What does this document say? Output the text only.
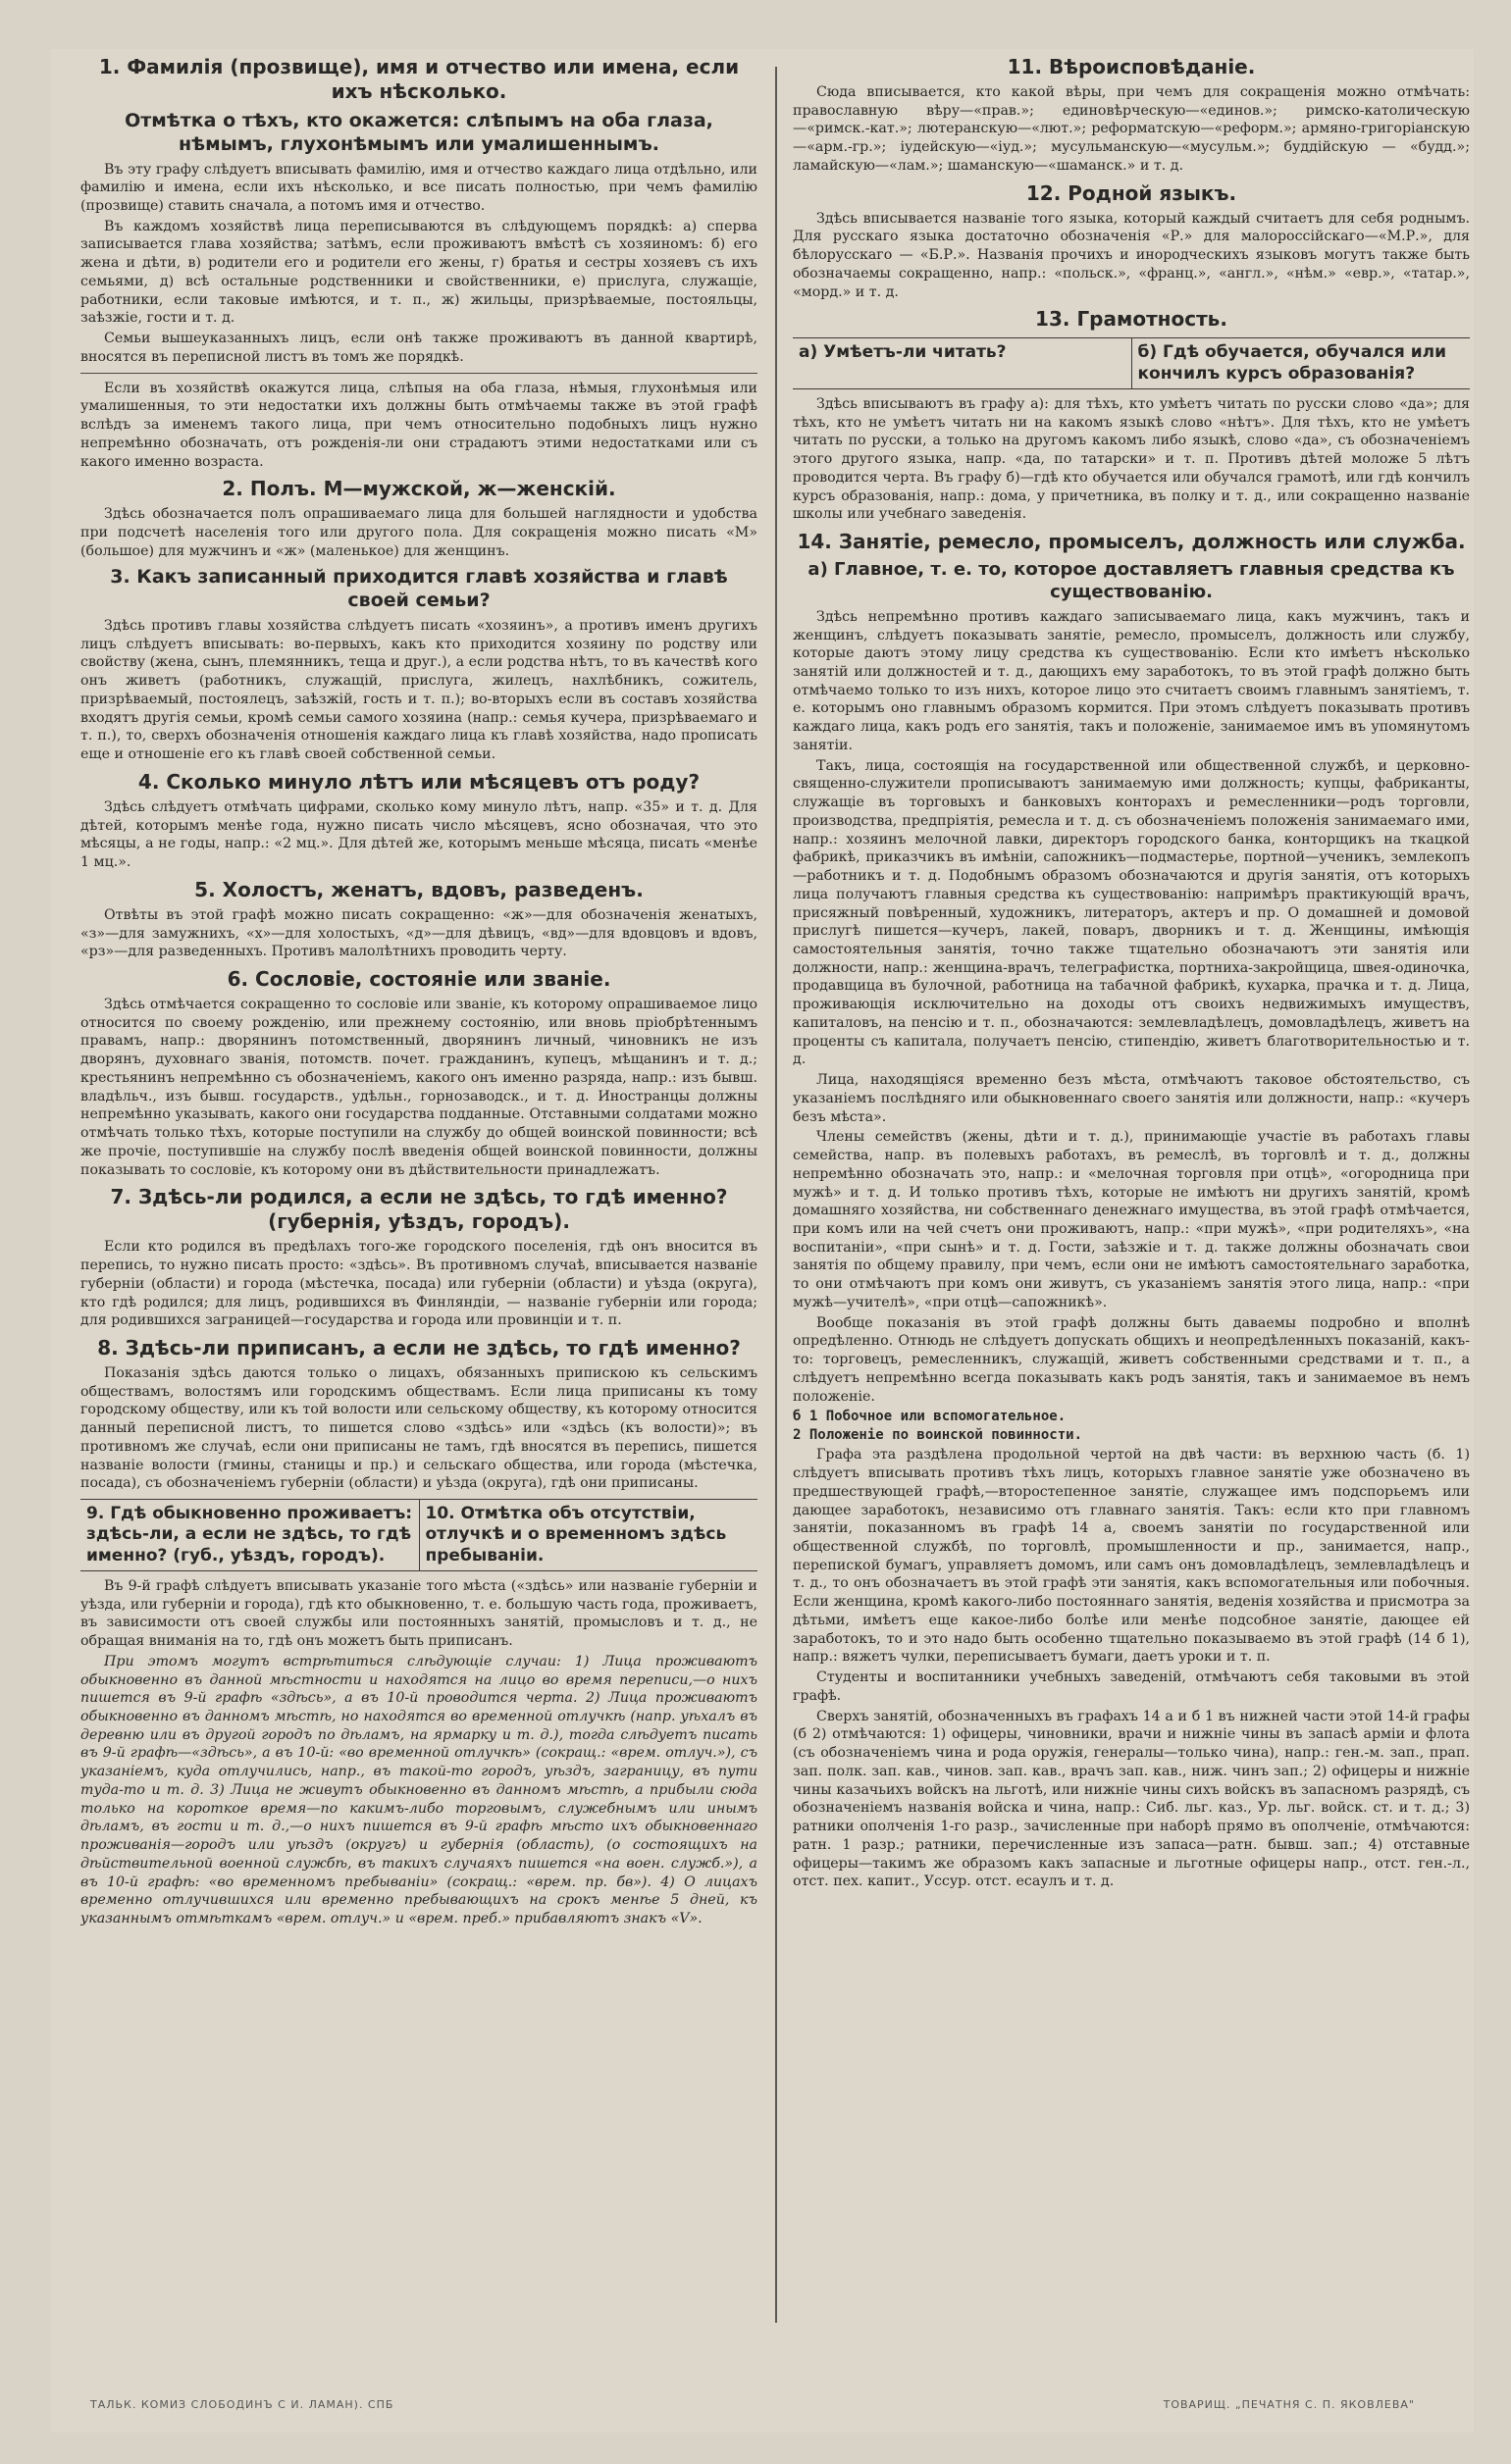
1. Фамилія (прозвище), имя и отчество или имена, если ихъ нѣсколько.
Отмѣтка о тѣхъ, кто окажется: слѣпымъ на оба глаза, нѣмымъ, глухонѣмымъ или умалишеннымъ.

Въ эту графу слѣдуетъ вписывать фамилію, имя и отчество каждаго лица отдѣльно, или фамилію и имена, если ихъ нѣсколько, и все писать полностью, при чемъ фамилію (прозвище) ставить сначала, а потомъ имя и отчество.

Въ каждомъ хозяйствѣ лица переписываются въ слѣдующемъ порядкѣ: а) сперва записывается глава хозяйства; затѣмъ, если проживаютъ вмѣстѣ съ хозяиномъ: б) его жена и дѣти, в) родители его и родители его жены, г) братья и сестры хозяевъ съ ихъ семьями, д) всѣ остальные родственники и свойственники, е) прислуга, служащіе, работники, если таковые имѣются, и т. п., ж) жильцы, призрѣваемые, постояльцы, заѣзжіе, гости и т. д.

Семьи вышеуказанныхъ лицъ, если онѣ также проживаютъ въ данной квартирѣ, вносятся въ переписной листъ въ томъ же порядкѣ.

Если въ хозяйствѣ окажутся лица, слѣпыя на оба глаза, нѣмыя, глухонѣмыя или умалишенныя, то эти недостатки ихъ должны быть отмѣчаемы также въ этой графѣ вслѣдъ за именемъ такого лица, при чемъ относительно подобныхъ лицъ нужно непремѣнно обозначать, отъ рожденія-ли они страдаютъ этими недостатками или съ какого именно возраста.

2. Полъ. М—мужской, ж—женскій.

Здѣсь обозначается полъ опрашиваемаго лица для большей наглядности и удобства при подсчетѣ населенія того или другого пола. Для сокращенія можно писать «М» (большое) для мужчинъ и «ж» (маленькое) для женщинъ.

3. Какъ записанный приходится главѣ хозяйства и главѣ своей семьи?

Здѣсь противъ главы хозяйства слѣдуетъ писать «хозяинъ», а противъ именъ другихъ лицъ слѣдуетъ вписывать: во-первыхъ, какъ кто приходится хозяину по родству или свойству (жена, сынъ, племянникъ, теща и друг.), а если родства нѣтъ, то въ качествѣ кого онъ живетъ (работникъ, служащій, прислуга, жилецъ, нахлѣбникъ, сожитель, призрѣваемый, постоялецъ, заѣзжій, гость и т. п.); во-вторыхъ если въ составъ хозяйства входятъ другія семьи, кромѣ семьи самого хозяина (напр.: семья кучера, призрѣваемаго и т. п.), то, сверхъ обозначенія отношенія каждаго лица къ главѣ хозяйства, надо прописать еще и отношеніе его къ главѣ своей собственной семьи.

4. Сколько минуло лѣтъ или мѣсяцевъ отъ роду?

Здѣсь слѣдуетъ отмѣчать цифрами, сколько кому минуло лѣтъ, напр. «35» и т. д. Для дѣтей, которымъ менѣе года, нужно писать число мѣсяцевъ, ясно обозначая, что это мѣсяцы, а не годы, напр.: «2 мц.». Для дѣтей же, которымъ меньше мѣсяца, писать «менѣе 1 мц.».

5. Холостъ, женатъ, вдовъ, разведенъ.

Отвѣты въ этой графѣ можно писать сокращенно: «ж»—для обозначенія женатыхъ, «з»—для замужнихъ, «х»—для холостыхъ, «д»—для дѣвицъ, «вд»—для вдовцовъ и вдовъ, «рз»—для разведенныхъ. Противъ малолѣтнихъ проводить черту.

6. Сословіе, состояніе или званіе.

Здѣсь отмѣчается сокращенно то сословіе или званіе, къ которому опрашиваемое лицо относится по своему рожденію, или прежнему состоянію, или вновь пріобрѣтеннымъ правамъ, напр.: дворянинъ потомственный, дворянинъ личный, чиновникъ не изъ дворянъ, духовнаго званія, потомств. почет. гражданинъ, купецъ, мѣщанинъ и т. д.; крестьянинъ непремѣнно съ обозначеніемъ, какого онъ именно разряда, напр.: изъ бывш. владѣльч., изъ бывш. государств., удѣльн., горнозаводск., и т. д. Иностранцы должны непремѣнно указывать, какого они государства подданные. Отставными солдатами можно отмѣчать только тѣхъ, которые поступили на службу до общей воинской повинности; всѣ же прочіе, поступившіе на службу послѣ введенія общей воинской повинности, должны показывать то сословіе, къ которому они въ дѣйствительности принадлежатъ.

7. Здѣсь-ли родился, а если не здѣсь, то гдѣ именно? (губернія, уѣздъ, городъ).

Если кто родился въ предѣлахъ того-же городского поселенія, гдѣ онъ вносится въ перепись, то нужно писать просто: «здѣсь». Въ противномъ случаѣ, вписывается названіе губерніи (области) и города (мѣстечка, посада) или губерніи (области) и уѣзда (округа), кто гдѣ родился; для лицъ, родившихся въ Финляндіи, — названіе губерніи или города; для родившихся заграницей—государства и города или провинціи и т. п.

8. Здѣсь-ли приписанъ, а если не здѣсь, то гдѣ именно?

Показанія здѣсь даются только о лицахъ, обязанныхъ припискою къ сельскимъ обществамъ, волостямъ или городскимъ обществамъ. Если лица приписаны къ тому городскому обществу, или къ той волости или сельскому обществу, къ которому относится данный переписной листъ, то пишется слово «здѣсь» или «здѣсь (къ волости)»; въ противномъ же случаѣ, если они приписаны не тамъ, гдѣ вносятся въ перепись, пишется названіе волости (гмины, станицы и пр.) и сельскаго общества, или города (мѣстечка, посада), съ обозначеніемъ губерніи (области) и уѣзда (округа), гдѣ они приписаны.

9. Гдѣ обыкновенно проживаетъ: здѣсь-ли, а если не здѣсь, то гдѣ именно? (губ., уѣздъ, городъ).
10. Отмѣтка объ отсутствіи, отлучкѣ и о временномъ здѣсь пребываніи.

Въ 9-й графѣ слѣдуетъ вписывать указаніе того мѣста («здѣсь» или названіе губерніи и уѣзда, или губерніи и города), гдѣ кто обыкновенно, т. е. большую часть года, проживаетъ, въ зависимости отъ своей службы или постоянныхъ занятій, промысловъ и т. д., не обращая вниманія на то, гдѣ онъ можетъ быть приписанъ.

При этомъ могутъ встрѣтиться слѣдующіе случаи: 1) Лица проживаютъ обыкновенно въ данной мѣстности и находятся на лицо во время переписи,—о нихъ пишется въ 9-й графѣ «здѣсь», а въ 10-й проводится черта. 2) Лица проживаютъ обыкновенно въ данномъ мѣстѣ, но находятся во временной отлучкѣ (напр. уѣхалъ въ деревню или въ другой городъ по дѣламъ, на ярмарку и т. д.), тогда слѣдуетъ писать въ 9-й графѣ—«здѣсь», а въ 10-й: «во временной отлучкѣ» (сокращ.: «врем. отлуч.»), съ указаніемъ, куда отлучились, напр., въ такой-то городъ, уѣздъ, заграницу, въ пути туда-то и т. д. 3) Лица не живутъ обыкновенно въ данномъ мѣстѣ, а прибыли сюда только на короткое время—по какимъ-либо торговымъ, служебнымъ или инымъ дѣламъ, въ гости и т. д.,—о нихъ пишется въ 9-й графѣ мѣсто ихъ обыкновеннаго проживанія—городъ или уѣздъ (округъ) и губернія (область), (о состоящихъ на дѣйствительной военной службѣ, въ такихъ случаяхъ пишется «на воен. служб.»), а въ 10-й графѣ: «во временномъ пребываніи» (сокращ.: «врем. пр. бв»). 4) О лицахъ временно отлучившихся или временно пребывающихъ на срокъ менѣе 5 дней, къ указаннымъ отмѣткамъ «врем. отлуч.» и «врем. преб.» прибавляютъ знакъ «V».

11. Вѣроисповѣданіе.

Сюда вписывается, кто какой вѣры, при чемъ для сокращенія можно отмѣчать: православную вѣру—«прав.»; единовѣрческую—«единов.»; римско-католическую—«римск.-кат.»; лютеранскую—«лют.»; реформатскую—«реформ.»; армяно-григоріанскую—«арм.-гр.»; іудейскую—«іуд.»; мусульманскую—«мусульм.»; буддійскую — «будд.»; ламайскую—«лам.»; шаманскую—«шаманск.» и т. д.

12. Родной языкъ.

Здѣсь вписывается названіе того языка, который каждый считаетъ для себя роднымъ. Для русскаго языка достаточно обозначенія «Р.» для малороссійскаго—«М.Р.», для бѣлорусскаго — «Б.Р.». Названія прочихъ и инородческихъ языковъ могутъ также быть обозначаемы сокращенно, напр.: «польск.», «франц.», «англ.», «нѣм.» «евр.», «татар.», «морд.» и т. д.

13. Грамотность.
а) Умѣетъ-ли читать?	б) Гдѣ обучается, обучался или кончилъ курсъ образованія?

Здѣсь вписываютъ въ графу а): для тѣхъ, кто умѣетъ читать по русски слово «да»; для тѣхъ, кто не умѣетъ читать ни на какомъ языкѣ слово «нѣтъ». Для тѣхъ, кто не умѣетъ читать по русски, а только на другомъ какомъ либо языкѣ, слово «да», съ обозначеніемъ этого другого языка, напр. «да, по татарски» и т. п. Противъ дѣтей моложе 5 лѣтъ проводится черта. Въ графу б)—гдѣ кто обучается или обучался грамотѣ, или гдѣ кончилъ курсъ образованія, напр.: дома, у причетника, въ полку и т. д., или сокращенно названіе школы или учебнаго заведенія.

14. Занятіе, ремесло, промыселъ, должность или служба.
а) Главное, т. е. то, которое доставляетъ главныя средства къ существованію.

Здѣсь непремѣнно противъ каждаго записываемаго лица, какъ мужчинъ, такъ и женщинъ, слѣдуетъ показывать занятіе, ремесло, промыселъ, должность или службу, которые даютъ этому лицу средства къ существованію. Если кто имѣетъ нѣсколько занятій или должностей и т. д., дающихъ ему заработокъ, то въ этой графѣ должно быть отмѣчаемо только то изъ нихъ, которое лицо это считаетъ своимъ главнымъ занятіемъ, т. е. которымъ оно главнымъ образомъ кормится. При этомъ слѣдуетъ показывать противъ каждаго лица, какъ родъ его занятія, такъ и положеніе, занимаемое имъ въ упомянутомъ занятіи.

Такъ, лица, состоящія на государственной или общественной службѣ, и церковно-священно-служители прописываютъ занимаемую ими должность; купцы, фабриканты, служащіе въ торговыхъ и банковыхъ конторахъ и ремесленники—родъ торговли, производства, предпріятія, ремесла и т. д. съ обозначеніемъ положенія занимаемаго ими, напр.: хозяинъ мелочной лавки, директоръ городского банка, конторщикъ на ткацкой фабрикѣ, приказчикъ въ имѣніи, сапожникъ—подмастерье, портной—ученикъ, землекопъ—работникъ и т. д. Подобнымъ образомъ обозначаются и другія занятія, отъ которыхъ лица получаютъ главныя средства къ существованію: напримѣръ практикующій врачъ, присяжный повѣренный, художникъ, литераторъ, актеръ и пр. О домашней и домовой прислугѣ пишется—кучеръ, лакей, поваръ, дворникъ и т. д. Женщины, имѣющія самостоятельныя занятія, точно также тщательно обозначаютъ эти занятія или должности, напр.: женщина-врачъ, телеграфистка, портниха-закройщица, швея-одиночка, продавщица въ булочной, работница на табачной фабрикѣ, кухарка, прачка и т. д. Лица, проживающія исключительно на доходы отъ своихъ недвижимыхъ имуществъ, капиталовъ, на пенсію и т. п., обозначаются: землевладѣлецъ, домовладѣлецъ, живетъ на проценты съ капитала, получаетъ пенсію, стипендію, живетъ благотворительностью и т. д.

Лица, находящіяся временно безъ мѣста, отмѣчаютъ таковое обстоятельство, съ указаніемъ послѣдняго или обыкновеннаго своего занятія или должности, напр.: «кучеръ безъ мѣста».

Члены семействъ (жены, дѣти и т. д.), принимающіе участіе въ работахъ главы семейства, напр. въ полевыхъ работахъ, въ ремеслѣ, въ торговлѣ и т. д., должны непремѣнно обозначать это, напр.: и «мелочная торговля при отцѣ», «огородница при мужѣ» и т. д. И только противъ тѣхъ, которые не имѣютъ ни другихъ занятій, кромѣ домашняго хозяйства, ни собственнаго денежнаго имущества, въ этой графѣ отмѣчается, при комъ или на чей счетъ они проживаютъ, напр.: «при мужѣ», «при родителяхъ», «на воспитаніи», «при сынѣ» и т. д. Гости, заѣзжіе и т. д. также должны обозначать свои занятія по общему правилу, при чемъ, если они не имѣютъ самостоятельнаго заработка, то они отмѣчаютъ при комъ они живутъ, съ указаніемъ занятія этого лица, напр.: «при мужѣ—учителѣ», «при отцѣ—сапожникѣ».

Вообще показанія въ этой графѣ должны быть даваемы подробно и вполнѣ опредѣленно. Отнюдь не слѣдуетъ допускать общихъ и неопредѣленныхъ показаній, какъ-то: торговецъ, ремесленникъ, служащій, живетъ собственными средствами и т. п., а слѣдуетъ непремѣнно всегда показывать какъ родъ занятія, такъ и занимаемое въ немъ положеніе.

б 1 Побочное или вспомогательное.
2 Положеніе по воинской повинности.

Графа эта раздѣлена продольной чертой на двѣ части: въ верхнюю часть (б. 1) слѣдуетъ вписывать противъ тѣхъ лицъ, которыхъ главное занятіе уже обозначено въ предшествующей графѣ,—второстепенное занятіе, служащее имъ подспорьемъ или дающее заработокъ, независимо отъ главнаго занятія. Такъ: если кто при главномъ занятіи, показанномъ въ графѣ 14 а, своемъ занятіи по государственной или общественной службѣ, по торговлѣ, промышленности и пр., занимается, напр., перепиской бумагъ, управляетъ домомъ, или самъ онъ домовладѣлецъ, землевладѣлецъ и т. д., то онъ обозначаетъ въ этой графѣ эти занятія, какъ вспомогательныя или побочныя. Если женщина, кромѣ какого-либо постояннаго занятія, веденія хозяйства и присмотра за дѣтьми, имѣетъ еще какое-либо болѣе или менѣе подсобное занятіе, дающее ей заработокъ, то и это надо быть особенно тщательно показываемо въ этой графѣ (14 б 1), напр.: вяжетъ чулки, переписываетъ бумаги, даетъ уроки и т. п.

Студенты и воспитанники учебныхъ заведеній, отмѣчаютъ себя таковыми въ этой графѣ.

Сверхъ занятій, обозначенныхъ въ графахъ 14 а и б 1 въ нижней части этой 14-й графы (б 2) отмѣчаются: 1) офицеры, чиновники, врачи и нижніе чины въ запасѣ арміи и флота (съ обозначеніемъ чина и рода оружія, генералы—только чина), напр.: ген.-м. зап., прап. зап. полк. зап. кав., чинов. зап. кав., врачъ зап. кав., ниж. чинъ зап.; 2) офицеры и нижніе чины казачьихъ войскъ на льготѣ, или нижніе чины сихъ войскъ въ запасномъ разрядѣ, съ обозначеніемъ названія войска и чина, напр.: Сиб. льг. каз., Ур. льг. войск. ст. и т. д.; 3) ратники ополченія 1-го разр., зачисленные при наборѣ прямо въ ополченіе, отмѣчаются: ратн. 1 разр.; ратники, перечисленные изъ запаса—ратн. бывш. зап.; 4) отставные офицеры—такимъ же образомъ какъ запасные и льготные офицеры напр., отст. ген.-л., отст. пех. капит., Уссур. отст. есаулъ и т. д.

ТАЛЬК. КОМИЗ СЛОБОДИНЪ С И. ЛАМАН). СПБ	ТОВАРИЩ. „ПЕЧАТНЯ С. П. ЯКОВЛЕВА"
